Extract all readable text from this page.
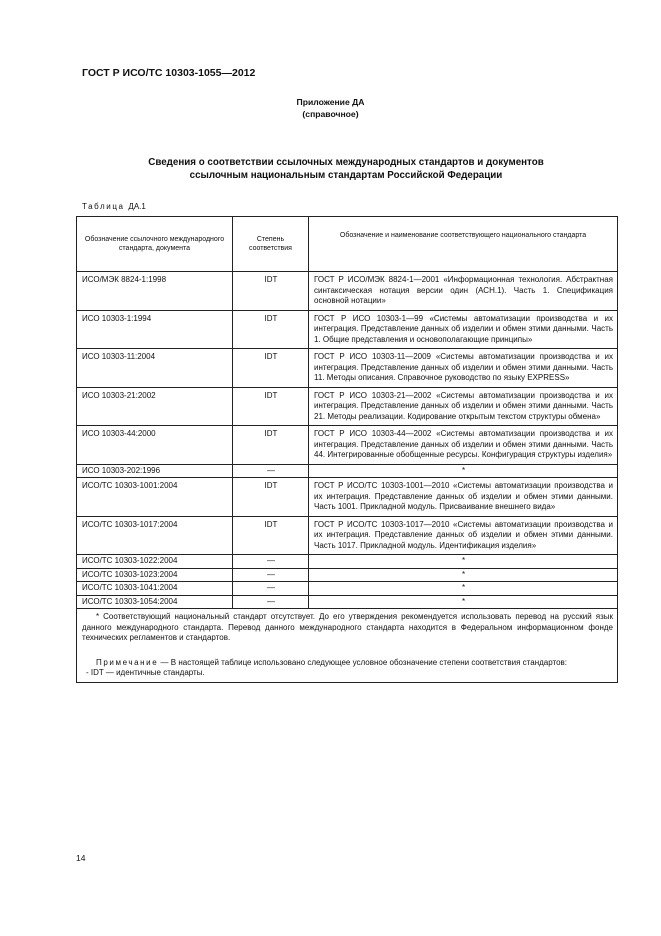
ГОСТ Р ИСО/ТС 10303-1055—2012
Приложение ДА
(справочное)
Сведения о соответствии ссылочных международных стандартов и документов
ссылочным национальным стандартам Российской Федерации
Таблица ДА.1
Обозначение ссылочного международного стандарта, документа	Степень соответствия	Обозначение и наименование соответствующего национального стандарта
ИСО/МЭК 8824-1:1998	IDT	ГОСТ Р ИСО/МЭК 8824-1—2001 «Информационная технология. Абстрактная синтаксическая нотация версии один (АСН.1). Часть 1. Спецификация основной нотации»
ИСО 10303-1:1994	IDT	ГОСТ Р ИСО 10303-1—99 «Системы автоматизации производства и их интеграция. Представление данных об изделии и обмен этими данными. Часть 1. Общие представления и основополагающие принципы»
ИСО 10303-11:2004	IDT	ГОСТ Р ИСО 10303-11—2009 «Системы автоматизации производства и их интеграция. Представление данных об изделии и обмен этими данными. Часть 11. Методы описания. Справочное руководство по языку EXPRESS»
ИСО 10303-21:2002	IDT	ГОСТ Р ИСО 10303-21—2002 «Системы автоматизации производства и их интеграция. Представление данных об изделии и обмен этими данными. Часть 21. Методы реализации. Кодирование открытым текстом структуры обмена»
ИСО 10303-44:2000	IDT	ГОСТ Р ИСО 10303-44—2002 «Системы автоматизации производства и их интеграция. Представление данных об изделии и обмен этими данными. Часть 44. Интегрированные обобщенные ресурсы. Конфигурация структуры изделия»
ИСО 10303-202:1996	—	*
ИСО/ТС 10303-1001:2004	IDT	ГОСТ Р ИСО/ТС 10303-1001—2010 «Системы автоматизации производства и их интеграция. Представление данных об изделии и обмен этими данными. Часть 1001. Прикладной модуль. Присваивание внешнего вида»
ИСО/ТС 10303-1017:2004	IDT	ГОСТ Р ИСО/ТС 10303-1017—2010 «Системы автоматизации производства и их интеграция. Представление данных об изделии и обмен этими данными. Часть 1017. Прикладной модуль. Идентификация изделия»
ИСО/ТС 10303-1022:2004	—	*
ИСО/ТС 10303-1023:2004	—	*
ИСО/ТС 10303-1041:2004	—	*
ИСО/ТС 10303-1054:2004	—	*

* Соответствующий национальный стандарт отсутствует. До его утверждения рекомендуется использовать перевод на русский язык данного международного стандарта. Перевод данного международного стандарта находится в Федеральном информационном фонде технических регламентов и стандартов.

Примечание — В настоящей таблице использовано следующее условное обозначение степени соответствия стандартов:

- IDT — идентичные стандарты.		

14
